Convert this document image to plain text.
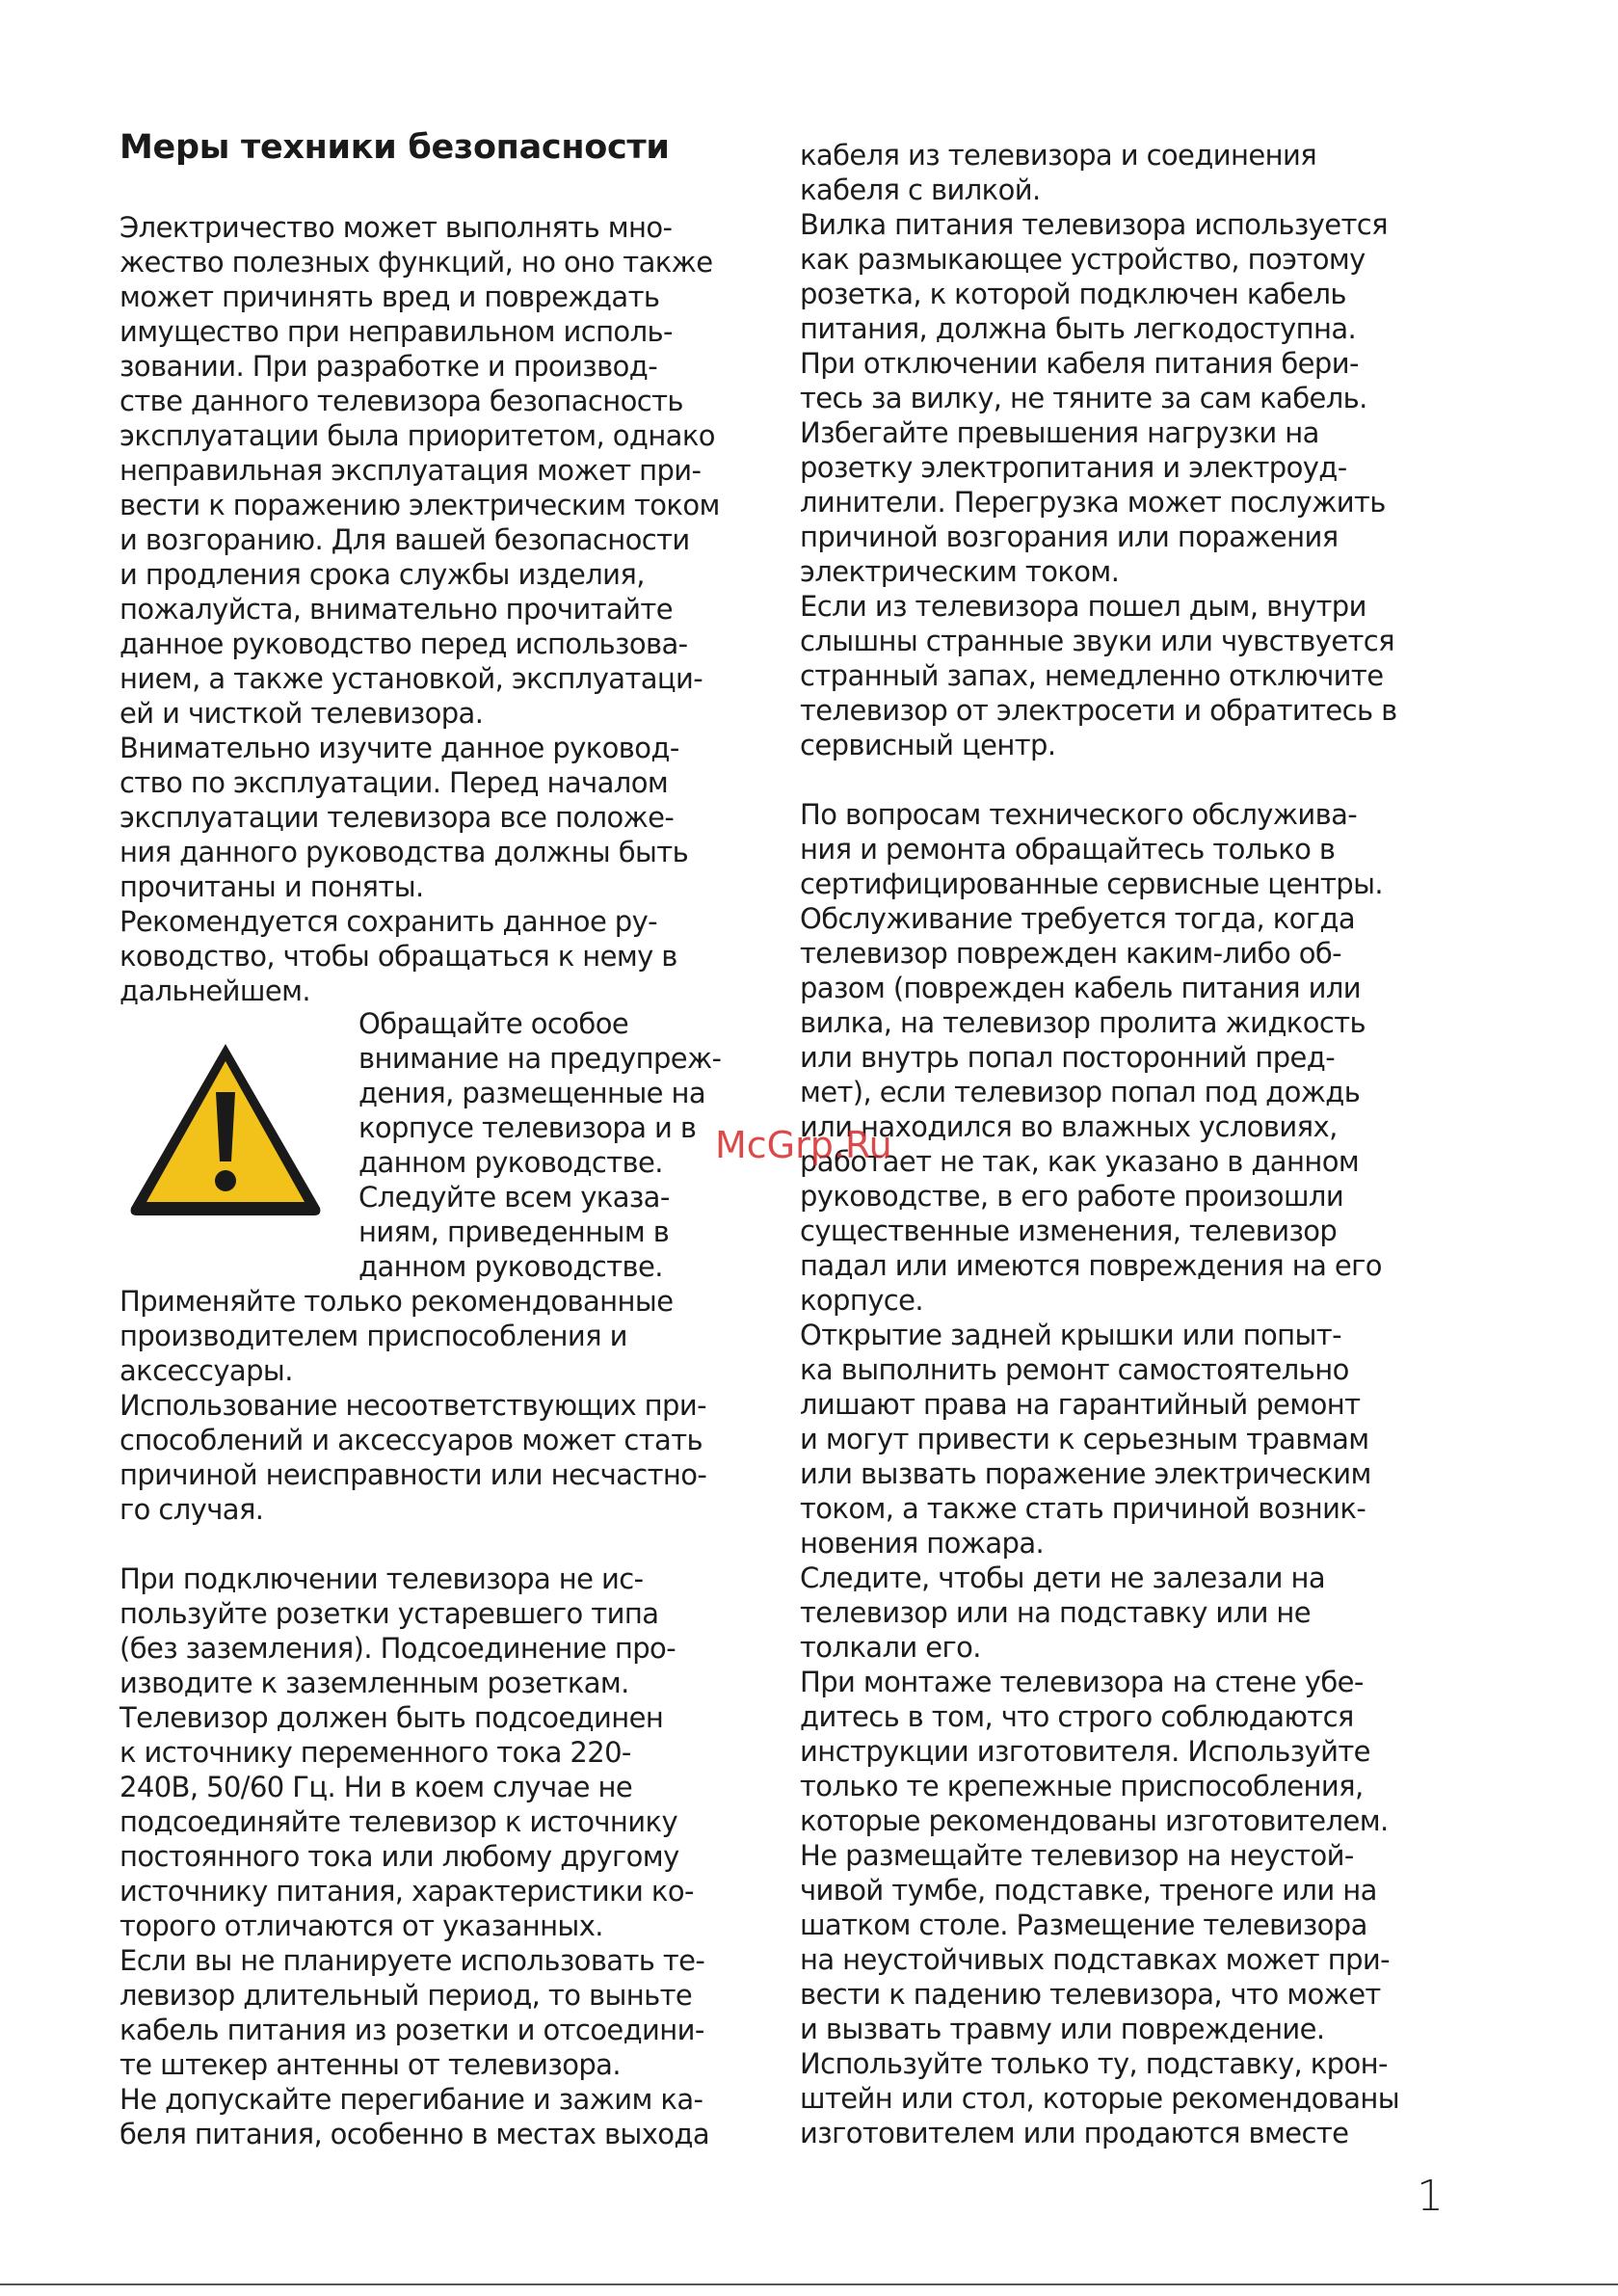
Меры техники безопасности
Электричество может выполнять мно-
жество полезных функций, но оно также
может причинять вред и повреждать
имущество при неправильном исполь-
зовании. При разработке и производ-
стве данного телевизора безопасность
эксплуатации была приоритетом, однако
неправильная эксплуатация может при-
вести к поражению электрическим током
и возгоранию. Для вашей безопасности
и продления срока службы изделия,
пожалуйста, внимательно прочитайте
данное руководство перед использова-
нием, а также установкой, эксплуатаци-
ей и чисткой телевизора.
Внимательно изучите данное руковод-
ство по эксплуатации. Перед началом
эксплуатации телевизора все положе-
ния данного руководства должны быть
прочитаны и поняты.
Рекомендуется сохранить данное ру-
ководство, чтобы обращаться к нему в
дальнейшем.
Обращайте особое
внимание на предупреж-
дения, размещенные на
корпусе телевизора и в
данном руководстве.
Следуйте всем указа-
ниям, приведенным в
данном руководстве.
Применяйте только рекомендованные
производителем приспособления и
аксессуары.
Использование несоответствующих при-
способлений и аксессуаров может стать
причиной неисправности или несчастно-
го случая.
При подключении телевизора не ис-
пользуйте розетки устаревшего типа
(без заземления). Подсоединение про-
изводите к заземленным розеткам.
Телевизор должен быть подсоединен
к источнику переменного тока 220-
240В, 50/60 Гц. Ни в коем случае не
подсоединяйте телевизор к источнику
постоянного тока или любому другому
источнику питания, характеристики ко-
торого отличаются от указанных.
Если вы не планируете использовать те-
левизор длительный период, то выньте
кабель питания из розетки и отсоедини-
те штекер антенны от телевизора.
Не допускайте перегибание и зажим ка-
беля питания, особенно в местах выхода
кабеля из телевизора и соединения
кабеля с вилкой.
Вилка питания телевизора используется
как размыкающее устройство, поэтому
розетка, к которой подключен кабель
питания, должна быть легкодоступна.
При отключении кабеля питания бери-
тесь за вилку, не тяните за сам кабель.
Избегайте превышения нагрузки на
розетку электропитания и электроуд-
линители. Перегрузка может послужить
причиной возгорания или поражения
электрическим током.
Если из телевизора пошел дым, внутри
слышны странные звуки или чувствуется
странный запах, немедленно отключите
телевизор от электросети и обратитесь в
сервисный центр.
По вопросам технического обслужива-
ния и ремонта обращайтесь только в
сертифицированные сервисные центры.
Обслуживание требуется тогда, когда
телевизор поврежден каким-либо об-
разом (поврежден кабель питания или
вилка, на телевизор пролита жидкость
или внутрь попал посторонний пред-
мет), если телевизор попал под дождь
или находился во влажных условиях,
работает не так, как указано в данном
руководстве, в его работе произошли
существенные изменения, телевизор
падал или имеются повреждения на его
корпусе.
Открытие задней крышки или попыт-
ка выполнить ремонт самостоятельно
лишают права на гарантийный ремонт
и могут привести к серьезным травмам
или вызвать поражение электрическим
током, а также стать причиной возник-
новения пожара.
Следите, чтобы дети не залезали на
телевизор или на подставку или не
толкали его.
При монтаже телевизора на стене убе-
дитесь в том, что строго соблюдаются
инструкции изготовителя. Используйте
только те крепежные приспособления,
которые рекомендованы изготовителем.
Не размещайте телевизор на неустой-
чивой тумбе, подставке, треноге или на
шатком столе. Размещение телевизора
на неустойчивых подставках может при-
вести к падению телевизора, что может
и вызвать травму или повреждение.
Используйте только ту, подставку, крон-
штейн или стол, которые рекомендованы
изготовителем или продаются вместе
McGrp.Ru
1
